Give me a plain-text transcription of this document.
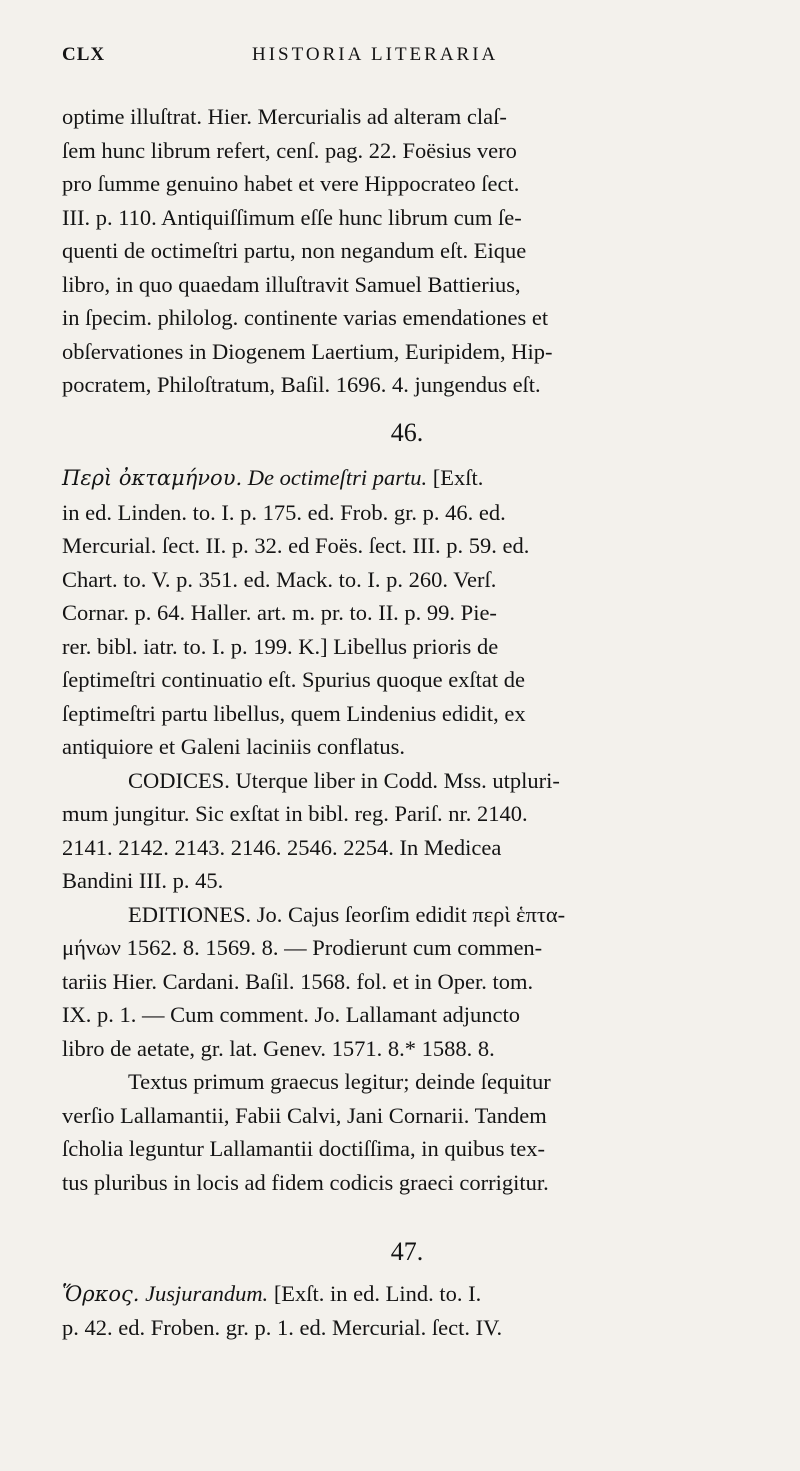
CLX	HISTORIA LITERARIA

optime illuſtrat. Hier. Mercurialis ad alteram claſ-
ſem hunc librum refert, cenſ. pag. 22. Foësius vero
pro ſumme genuino habet et vere Hippocrateo ſect.
III. p. 110. Antiquiſſimum eſſe hunc librum cum ſe-
quenti de octimeſtri partu, non negandum eſt. Eique
libro, in quo quaedam illuſtravit Samuel Battierius,
in ſpecim. philolog. continente varias emendationes et
obſervationes in Diogenem Laertium, Euripidem, Hip-
pocratem, Philoſtratum, Baſil. 1696. 4. jungendus eſt.

46.

Περὶ ὀκταμήνου. De octimeſtri partu. [Exſt.
in ed. Linden. to. I. p. 175. ed. Frob. gr. p. 46. ed.
Mercurial. ſect. II. p. 32. ed Foës. ſect. III. p. 59. ed.
Chart. to. V. p. 351. ed. Mack. to. I. p. 260. Verſ.
Cornar. p. 64. Haller. art. m. pr. to. II. p. 99. Pie-
rer. bibl. iatr. to. I. p. 199. K.] Libellus prioris de
ſeptimeſtri continuatio eſt. Spurius quoque exſtat de
ſeptimeſtri partu libellus, quem Lindenius edidit, ex
antiquiore et Galeni laciniis conflatus.

CODICES. Uterque liber in Codd. Mss. utpluri-
mum jungitur. Sic exſtat in bibl. reg. Pariſ. nr. 2140.
2141. 2142. 2143. 2146. 2546. 2254. In Medicea
Bandini III. p. 45.

EDITIONES. Jo. Cajus ſeorſim edidit περὶ ἑπτα-
μήνων 1562. 8. 1569. 8. — Prodierunt cum commen-
tariis Hier. Cardani. Baſil. 1568. fol. et in Oper. tom.
IX. p. 1. — Cum comment. Jo. Lallamant adjuncto
libro de aetate, gr. lat. Genev. 1571. 8.* 1588. 8.

Textus primum graecus legitur; deinde ſequitur
verſio Lallamantii, Fabii Calvi, Jani Cornarii. Tandem
ſcholia leguntur Lallamantii doctiſſima, in quibus tex-
tus pluribus in locis ad fidem codicis graeci corrigitur.

47.

Ὅρκος. Jusjurandum. [Exſt. in ed. Lind. to. I.
p. 42. ed. Froben. gr. p. 1. ed. Mercurial. ſect. IV.
